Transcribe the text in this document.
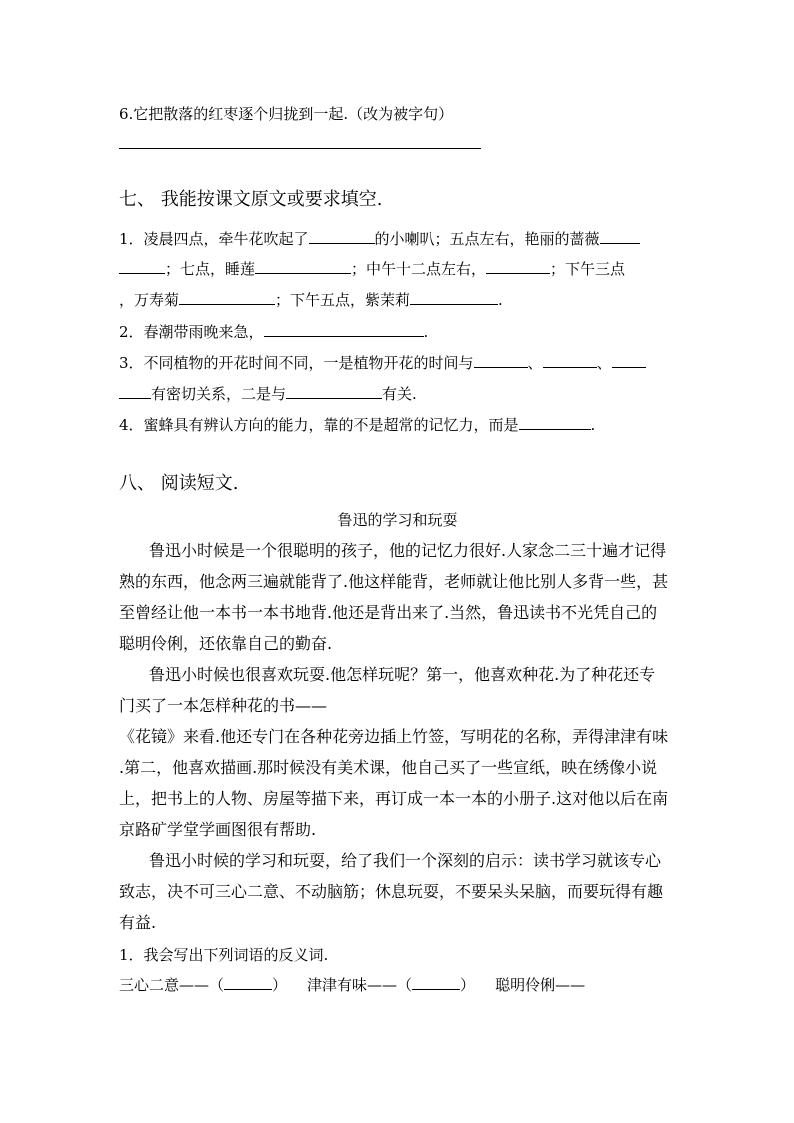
6.它把散落的红枣逐个归拢到一起.（改为被字句）
七、 我能按课文原文或要求填空.
1．凌晨四点，牵牛花吹起了	的小喇叭；五点左右，艳丽的蔷薇
；七点，睡莲	；中午十二点左右，	；下午三点
，万寿菊	；下午五点，紫茉莉	.
2．春潮带雨晚来急，	.
3．不同植物的开花时间不同，一是植物开花的时间与	、	、
有密切关系，二是与	有关.
4．蜜蜂具有辨认方向的能力，靠的不是超常的记忆力，而是	.
八、 阅读短文.
鲁迅的学习和玩耍
鲁迅小时候是一个很聪明的孩子，他的记忆力很好.人家念二三十遍才记得
熟的东西，他念两三遍就能背了.他这样能背，老师就让他比别人多背一些，甚
至曾经让他一本书一本书地背.他还是背出来了.当然，鲁迅读书不光凭自己的
聪明伶俐，还依靠自己的勤奋.
鲁迅小时候也很喜欢玩耍.他怎样玩呢？第一，他喜欢种花.为了种花还专
门买了一本怎样种花的书——
《花镜》来看.他还专门在各种花旁边插上竹签，写明花的名称，弄得津津有味
.第二，他喜欢描画.那时候没有美术课，他自己买了一些宣纸，映在绣像小说
上，把书上的人物、房屋等描下来，再订成一本一本的小册子.这对他以后在南
京路矿学堂学画图很有帮助.
鲁迅小时候的学习和玩耍，给了我们一个深刻的启示：读书学习就该专心
致志，决不可三心二意、不动脑筋；休息玩耍，不要呆头呆脑，而要玩得有趣
有益.
1．我会写出下列词语的反义词.
三心二意——（	） 津津有味——（	） 聪明伶俐——
